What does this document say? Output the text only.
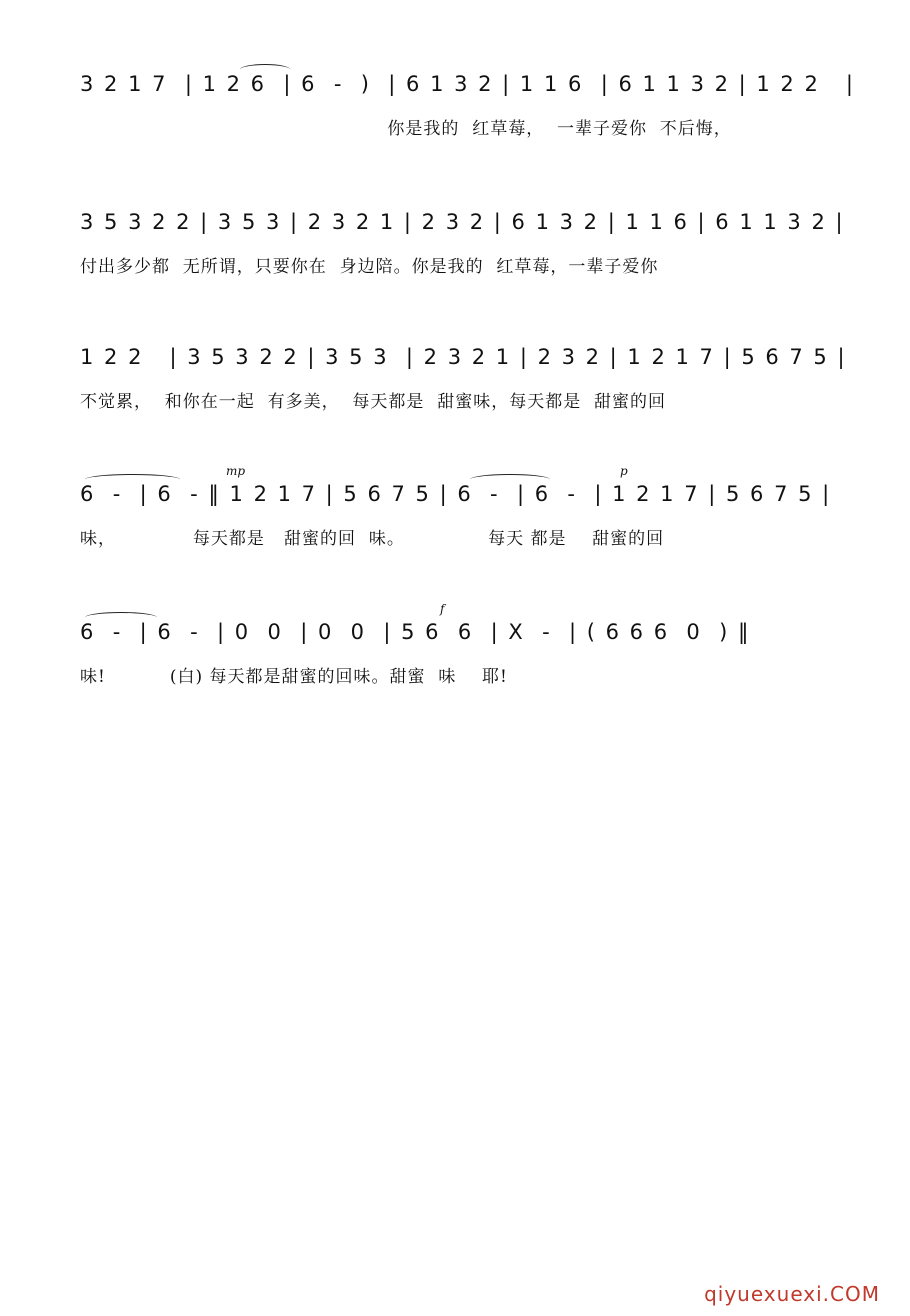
3 2 1 7  | 1 2 6  | 6  -  )  | 6 1 3 2 | 1 1 6  | 6 1 1 3 2 | 1 2 2   |
你是我的  红草莓，  一辈子爱你  不后悔，
3 5 3 2 2 | 3 5 3 | 2 3 2 1 | 2 3 2 | 6 1 3 2 | 1 1 6 | 6 1 1 3 2 |
付出多少都  无所谓，只要你在  身边陪。你是我的  红草莓，一辈子爱你
1 2 2   | 3 5 3 2 2 | 3 5 3  | 2 3 2 1 | 2 3 2 | 1 2 1 7 | 5 6 7 5 |
不觉累，  和你在一起  有多美，  每天都是  甜蜜味，每天都是  甜蜜的回
6  -  | 6  - ‖ 1 2 1 7 | 5 6 7 5 | 6  -  | 6  -  | 1 2 1 7 | 5 6 7 5 |
味，            每天都是   甜蜜的回  味。             每天 都是    甜蜜的回
mp	p
6  -  | 6  -  | 0  0  | 0  0  | 5 6  6  | X  -  | ( 6 6 6  0  ) ‖
味!          (白) 每天都是甜蜜的回味。甜蜜  味    耶!
f
qiyuexuexi.COM
